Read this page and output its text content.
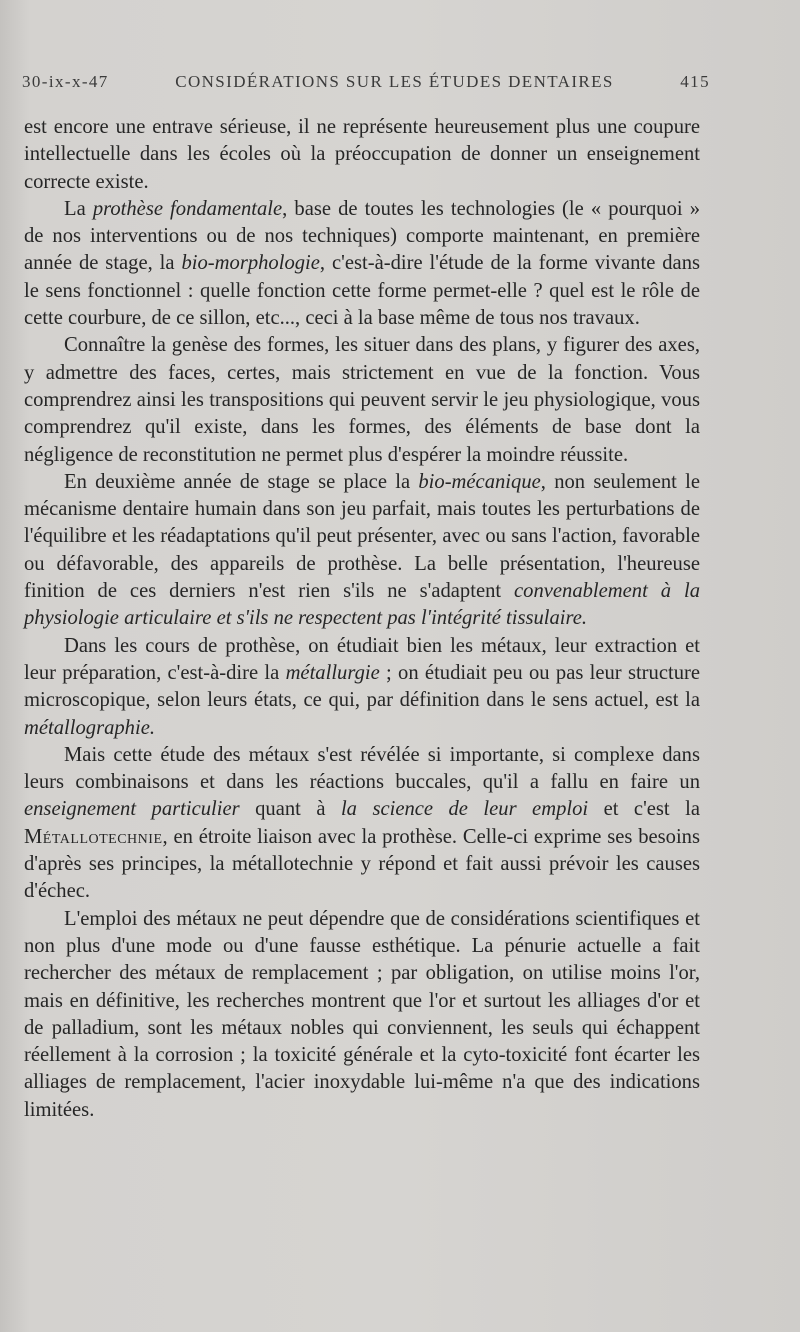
30-ix-x-47	CONSIDÉRATIONS SUR LES ÉTUDES DENTAIRES	415

est encore une entrave sérieuse, il ne représente heureusement plus une coupure intellectuelle dans les écoles où la préoccupation de donner un enseignement correcte existe.

La prothèse fondamentale, base de toutes les technologies (le « pourquoi » de nos interventions ou de nos techniques) comporte maintenant, en première année de stage, la bio-morphologie, c'est-à-dire l'étude de la forme vivante dans le sens fonctionnel : quelle fonction cette forme permet-elle ? quel est le rôle de cette courbure, de ce sillon, etc..., ceci à la base même de tous nos travaux.

Connaître la genèse des formes, les situer dans des plans, y figurer des axes, y admettre des faces, certes, mais strictement en vue de la fonction. Vous comprendrez ainsi les transpositions qui peuvent servir le jeu physiologique, vous comprendrez qu'il existe, dans les formes, des éléments de base dont la négligence de reconstitution ne permet plus d'espérer la moindre réussite.

En deuxième année de stage se place la bio-mécanique, non seulement le mécanisme dentaire humain dans son jeu parfait, mais toutes les perturbations de l'équilibre et les réadaptations qu'il peut présenter, avec ou sans l'action, favorable ou défavorable, des appareils de prothèse. La belle présentation, l'heureuse finition de ces derniers n'est rien s'ils ne s'adaptent convenablement à la physiologie articulaire et s'ils ne respectent pas l'intégrité tissulaire.

Dans les cours de prothèse, on étudiait bien les métaux, leur extraction et leur préparation, c'est-à-dire la métallurgie ; on étudiait peu ou pas leur structure microscopique, selon leurs états, ce qui, par définition dans le sens actuel, est la métallographie.

Mais cette étude des métaux s'est révélée si importante, si complexe dans leurs combinaisons et dans les réactions buccales, qu'il a fallu en faire un enseignement particulier quant à la science de leur emploi et c'est la Métallotechnie, en étroite liaison avec la prothèse. Celle-ci exprime ses besoins d'après ses principes, la métallotechnie y répond et fait aussi prévoir les causes d'échec.

L'emploi des métaux ne peut dépendre que de considérations scientifiques et non plus d'une mode ou d'une fausse esthétique. La pénurie actuelle a fait rechercher des métaux de remplacement ; par obligation, on utilise moins l'or, mais en définitive, les recherches montrent que l'or et surtout les alliages d'or et de palladium, sont les métaux nobles qui conviennent, les seuls qui échappent réellement à la corrosion ; la toxicité générale et la cyto-toxicité font écarter les alliages de remplacement, l'acier inoxydable lui-même n'a que des indications limitées.
